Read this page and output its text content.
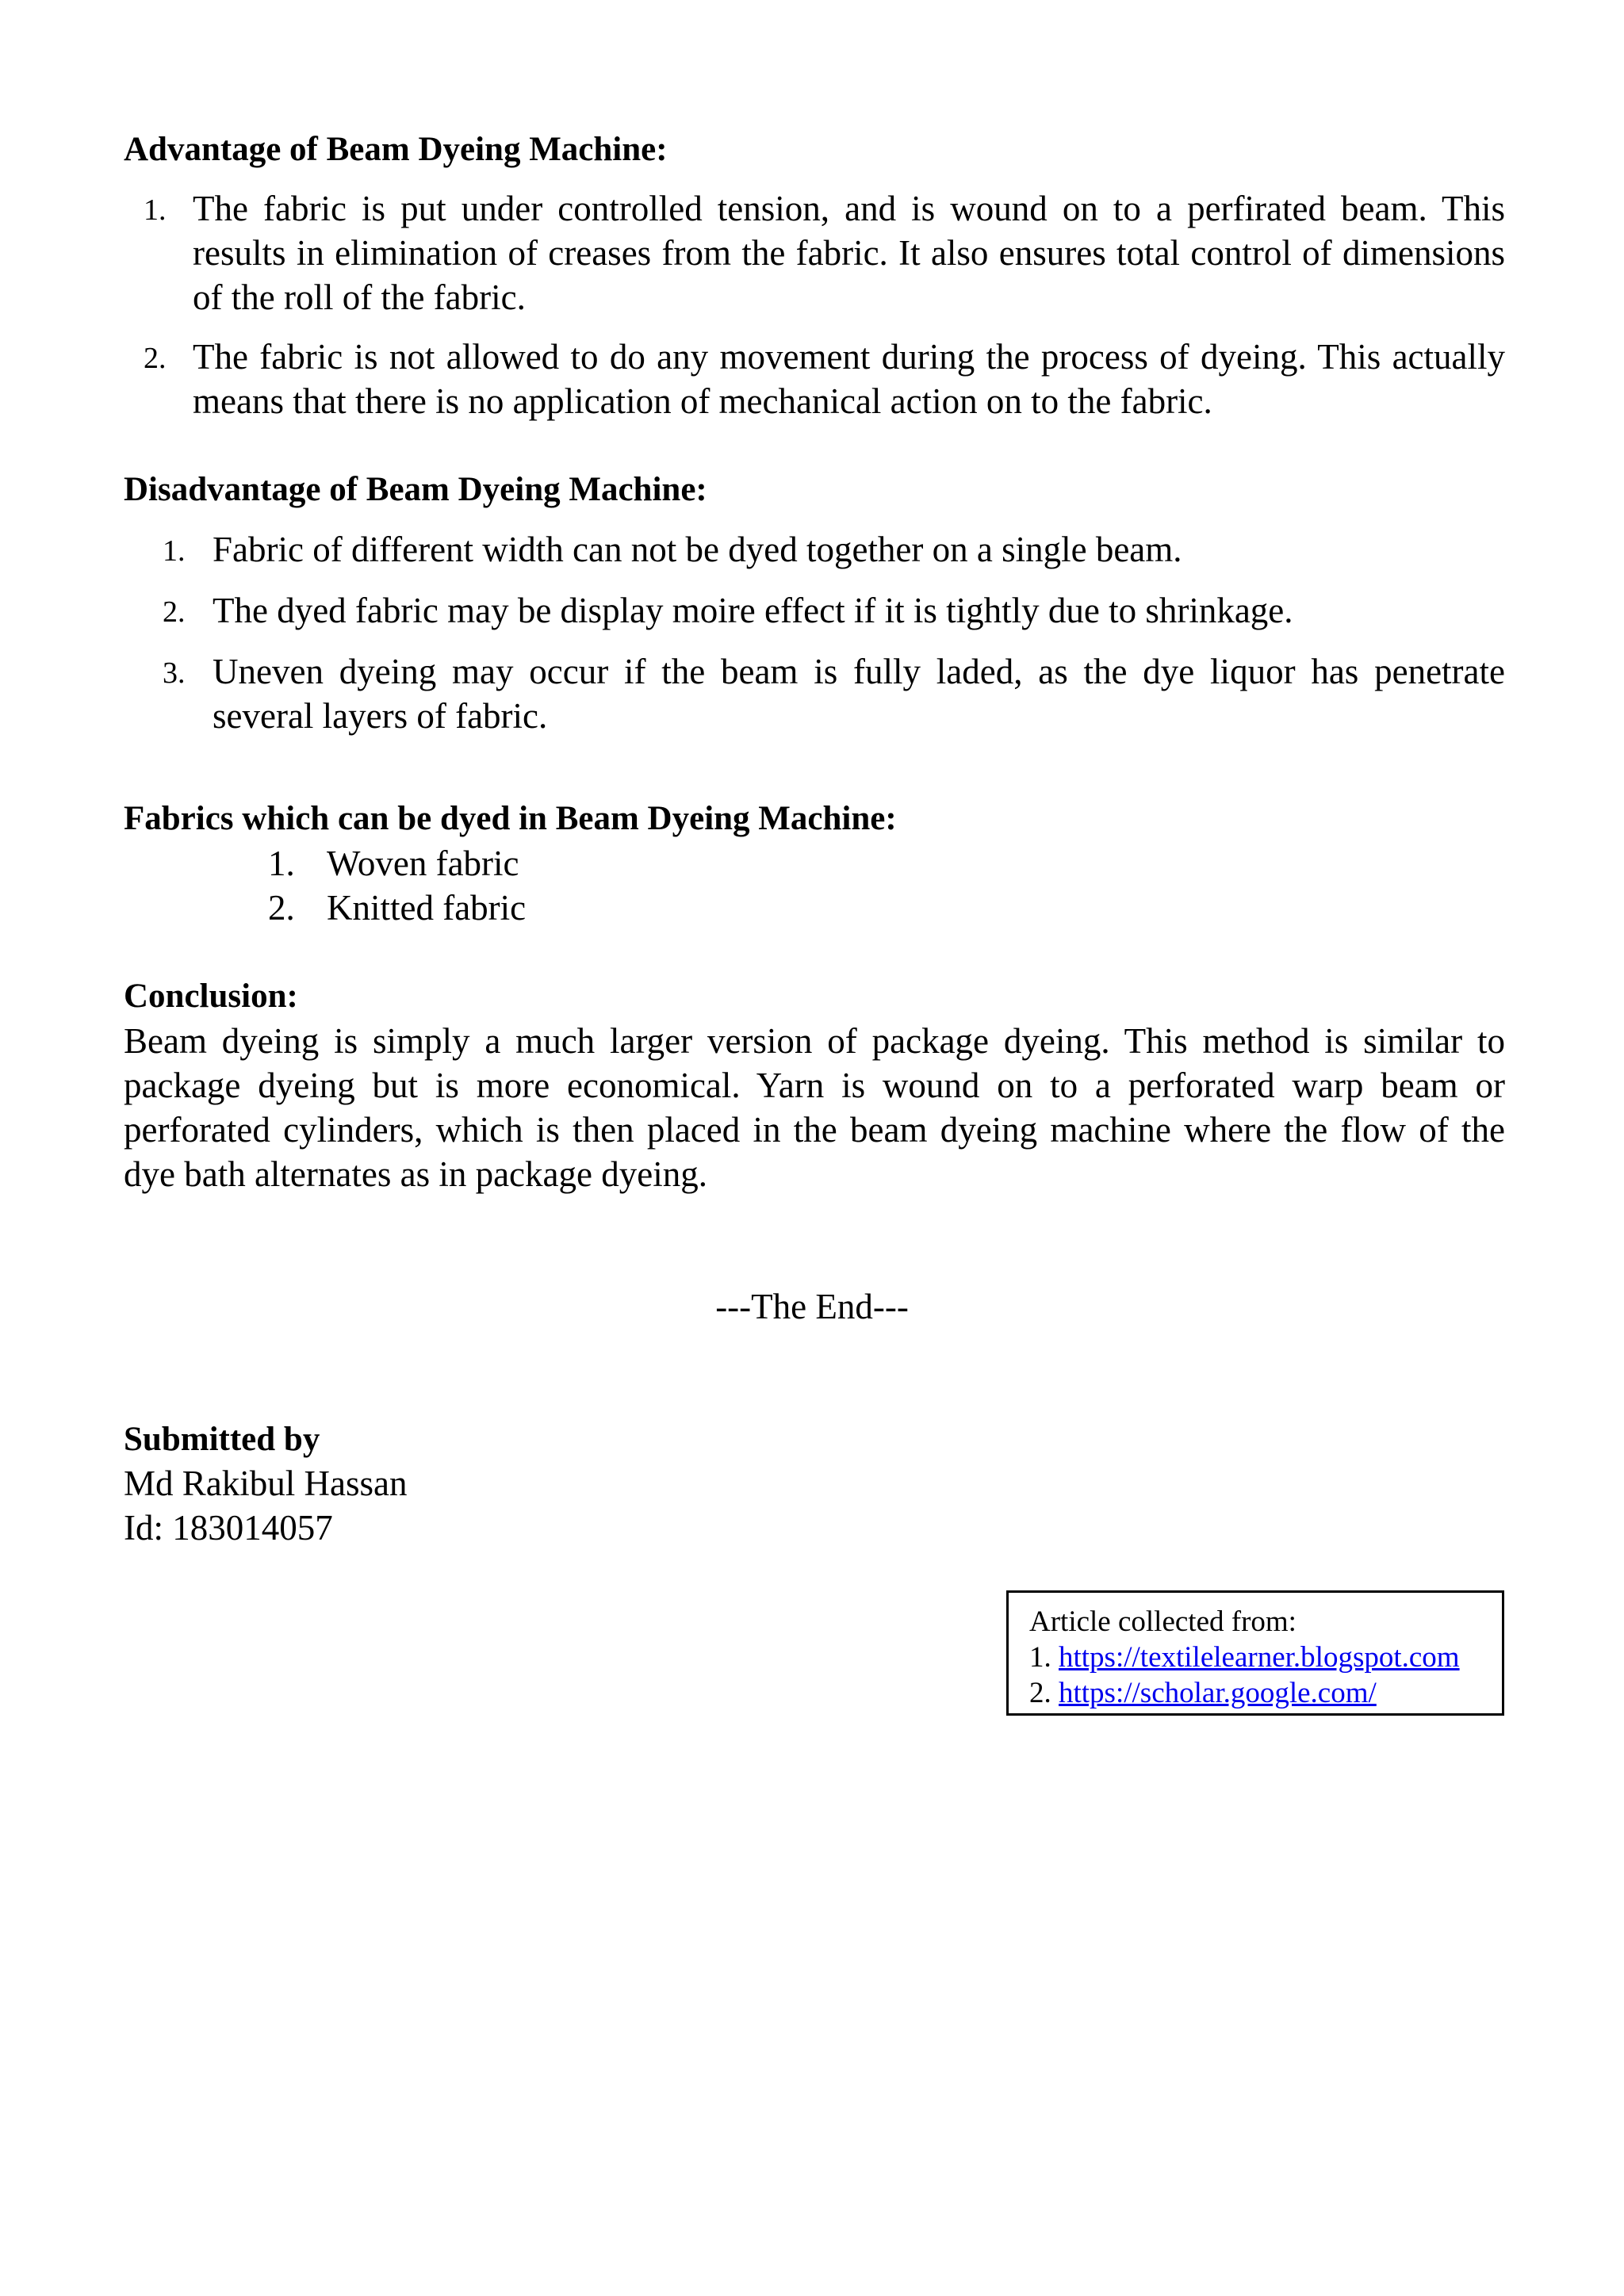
Advantage of Beam Dyeing Machine:
1. The fabric is put under controlled tension, and is wound on to a perfirated beam. This results in elimination of creases from the fabric. It also ensures total control of dimensions of the roll of the fabric.
2. The fabric is not allowed to do any movement during the process of dyeing. This actually means that there is no application of mechanical action on to the fabric.
Disadvantage of Beam Dyeing Machine:
1. Fabric of different width can not be dyed together on a single beam.
2. The dyed fabric may be display moire effect if it is tightly due to shrinkage.
3. Uneven dyeing may occur if the beam is fully laded, as the dye liquor has penetrate several layers of fabric.
Fabrics which can be dyed in Beam Dyeing Machine:
1. Woven fabric
2. Knitted fabric
Conclusion:
Beam dyeing is simply a much larger version of package dyeing. This method is similar to package dyeing but is more economical. Yarn is wound on to a perforated warp beam or perforated cylinders, which is then placed in the beam dyeing machine where the flow of the dye bath alternates as in package dyeing.
---The End---
Submitted by
Md Rakibul Hassan
Id: 183014057
Article collected from:
1. https://textilelearner.blogspot.com
2. https://scholar.google.com/
